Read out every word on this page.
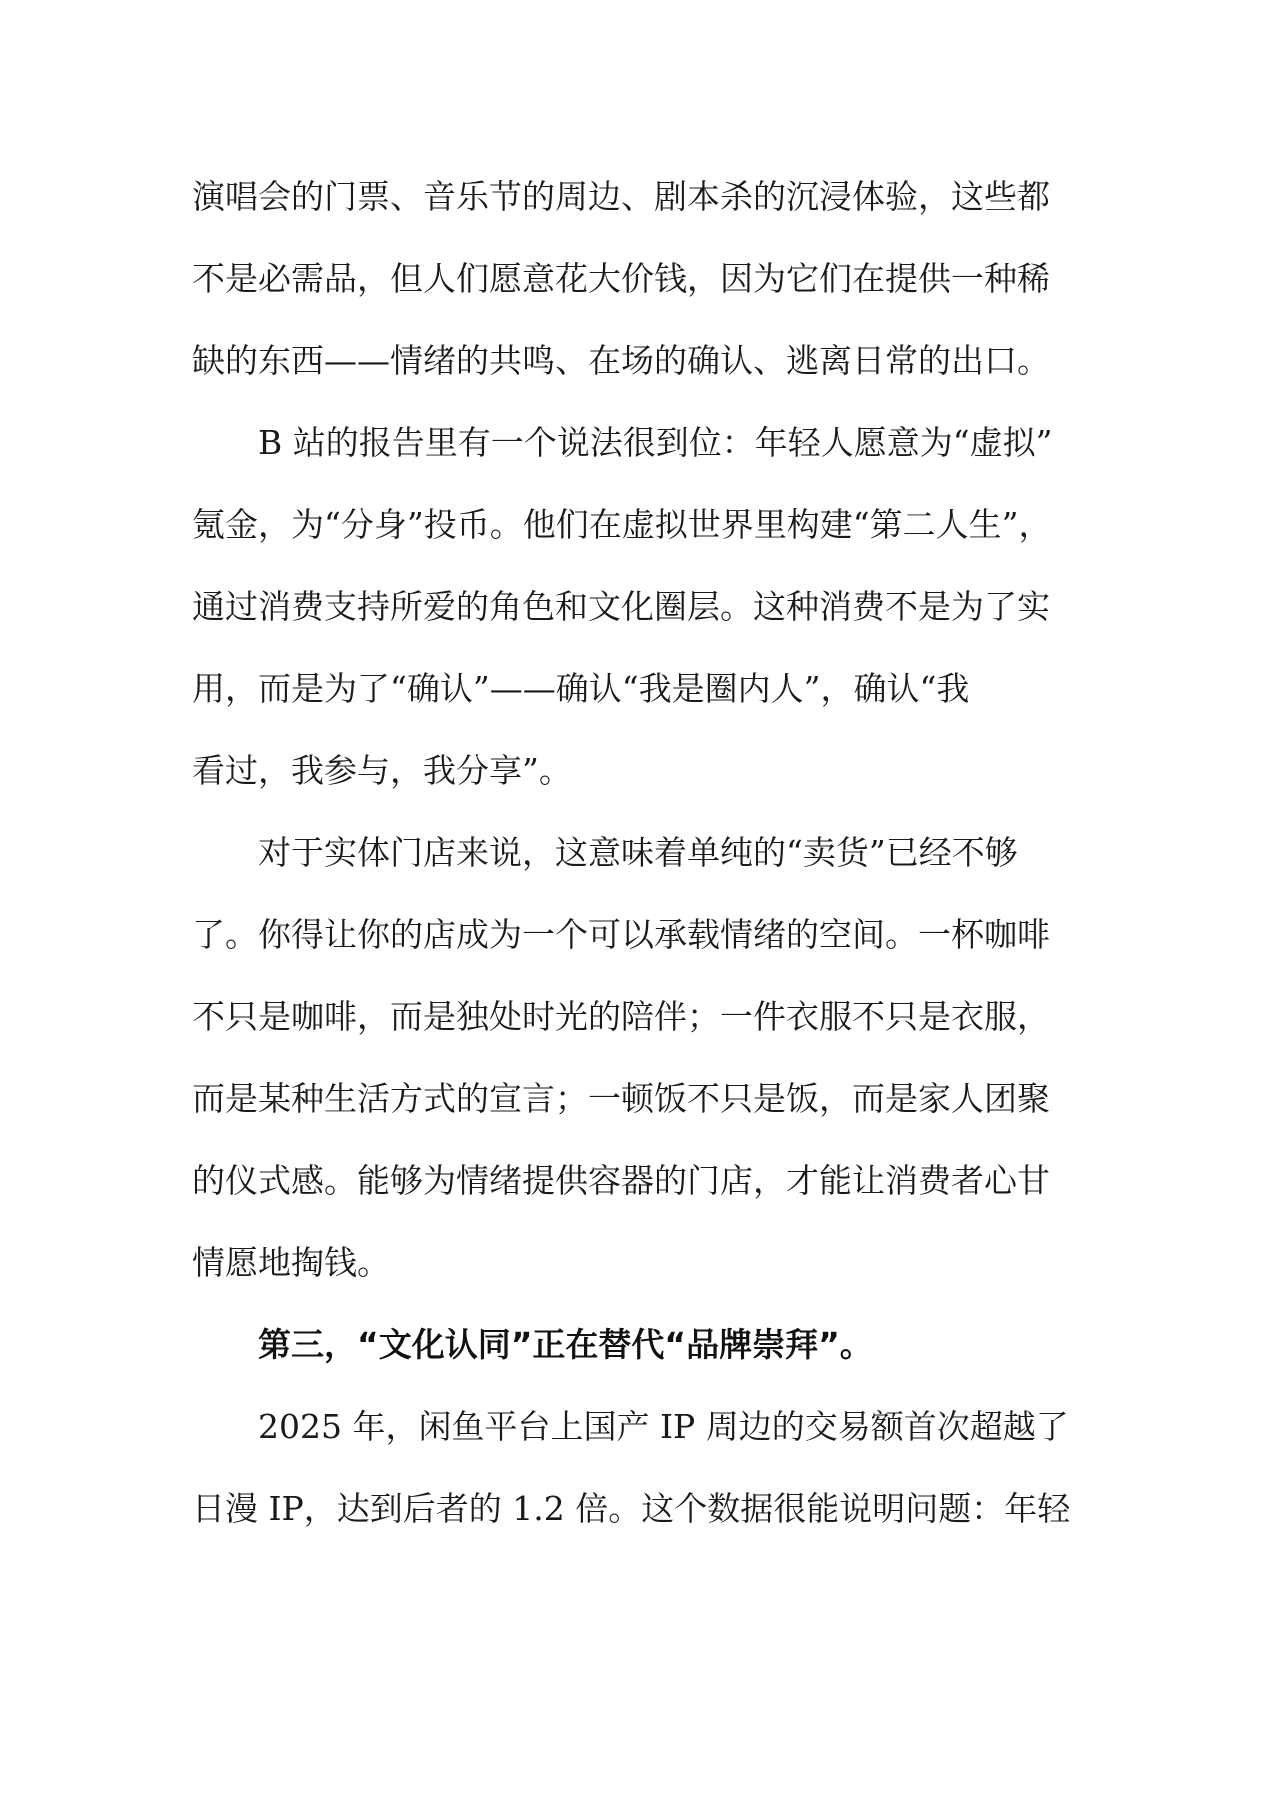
演唱会的门票、音乐节的周边、剧本杀的沉浸体验，这些都
不是必需品，但人们愿意花大价钱，因为它们在提供一种稀
缺的东西——情绪的共鸣、在场的确认、逃离日常的出口。
B 站的报告里有一个说法很到位：年轻人愿意为“虚拟”
氪金，为“分身”投币。他们在虚拟世界里构建“第二人生”，
通过消费支持所爱的角色和文化圈层。这种消费不是为了实
用，而是为了“确认”——确认“我是圈内人”，确认“我
看过，我参与，我分享”。
对于实体门店来说，这意味着单纯的“卖货”已经不够
了。你得让你的店成为一个可以承载情绪的空间。一杯咖啡
不只是咖啡，而是独处时光的陪伴；一件衣服不只是衣服，
而是某种生活方式的宣言；一顿饭不只是饭，而是家人团聚
的仪式感。能够为情绪提供容器的门店，才能让消费者心甘
情愿地掏钱。
第三，“文化认同”正在替代“品牌崇拜”。
2025 年，闲鱼平台上国产 IP 周边的交易额首次超越了
日漫 IP，达到后者的 1.2 倍。这个数据很能说明问题：年轻
